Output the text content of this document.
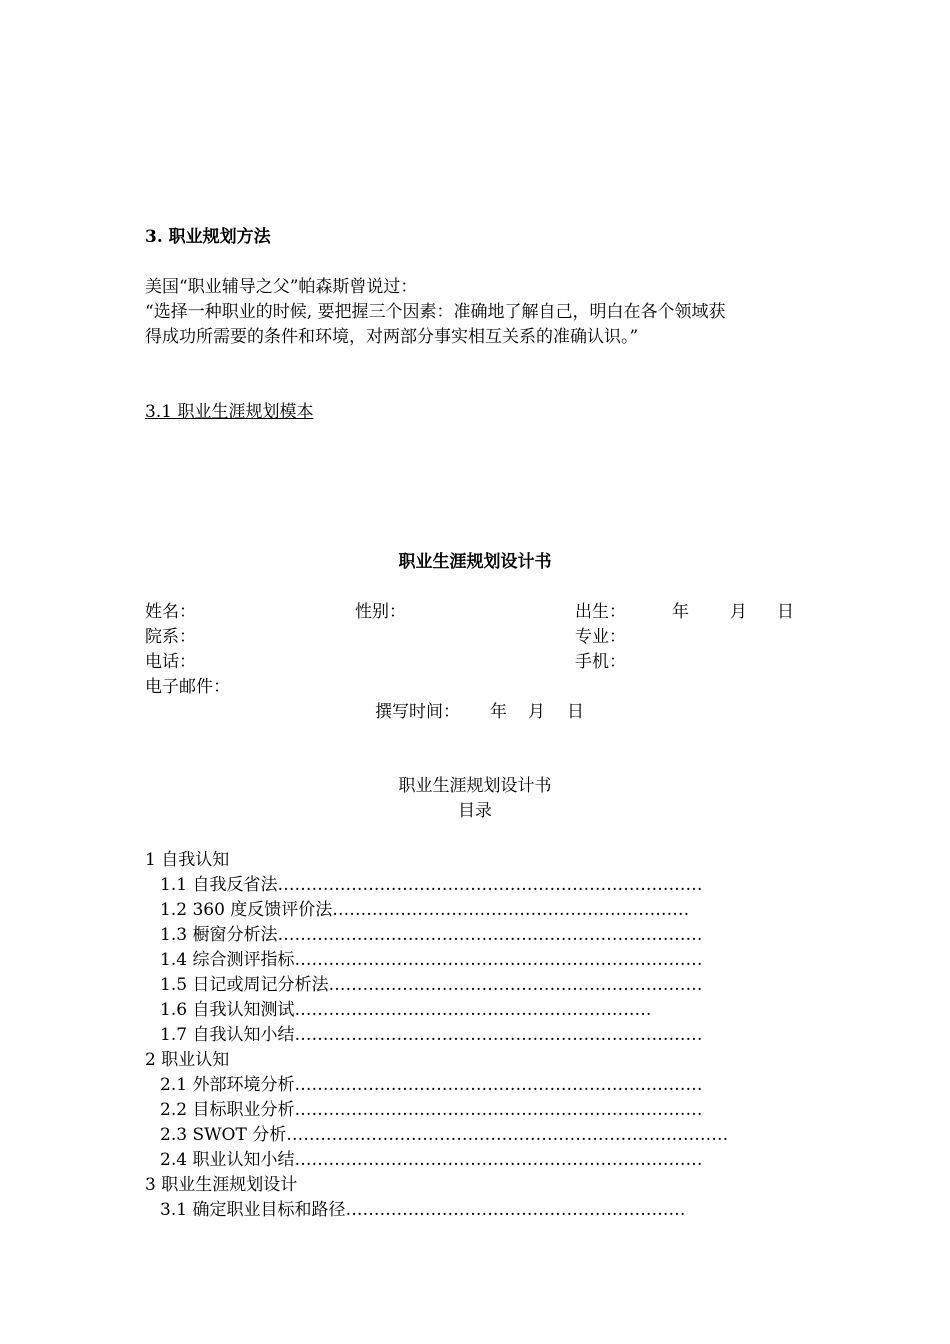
3. 职业规划方法
美国“职业辅导之父”帕森斯曾说过：
“选择一种职业的时候, 要把握三个因素：准确地了解自己，明白在各个领域获
得成功所需要的条件和环境，对两部分事实相互关系的准确认识。”
3.1 职业生涯规划模本
职业生涯规划设计书
姓名：	性别：	出生：	年 月 日
院系：	专业：
电话：	手机：
电子邮件：
撰写时间： 年 月 日
职业生涯规划设计书
目录
1 自我认知
1.1 自我反省法…………………………………………………………………
1.2 360 度反馈评价法………………………………………………………
1.3 橱窗分析法…………………………………………………………………
1.4 综合测评指标………………………………………………………………
1.5 日记或周记分析法…………………………………………………………
1.6 自我认知测试………………………………………………………
1.7 自我认知小结………………………………………………………………
2 职业认知
2.1 外部环境分析………………………………………………………………
2.2 目标职业分析………………………………………………………………
2.3 SWOT 分析……………………………………………………………………
2.4 职业认知小结………………………………………………………………
3 职业生涯规划设计
3.1 确定职业目标和路径……………………………………………………
